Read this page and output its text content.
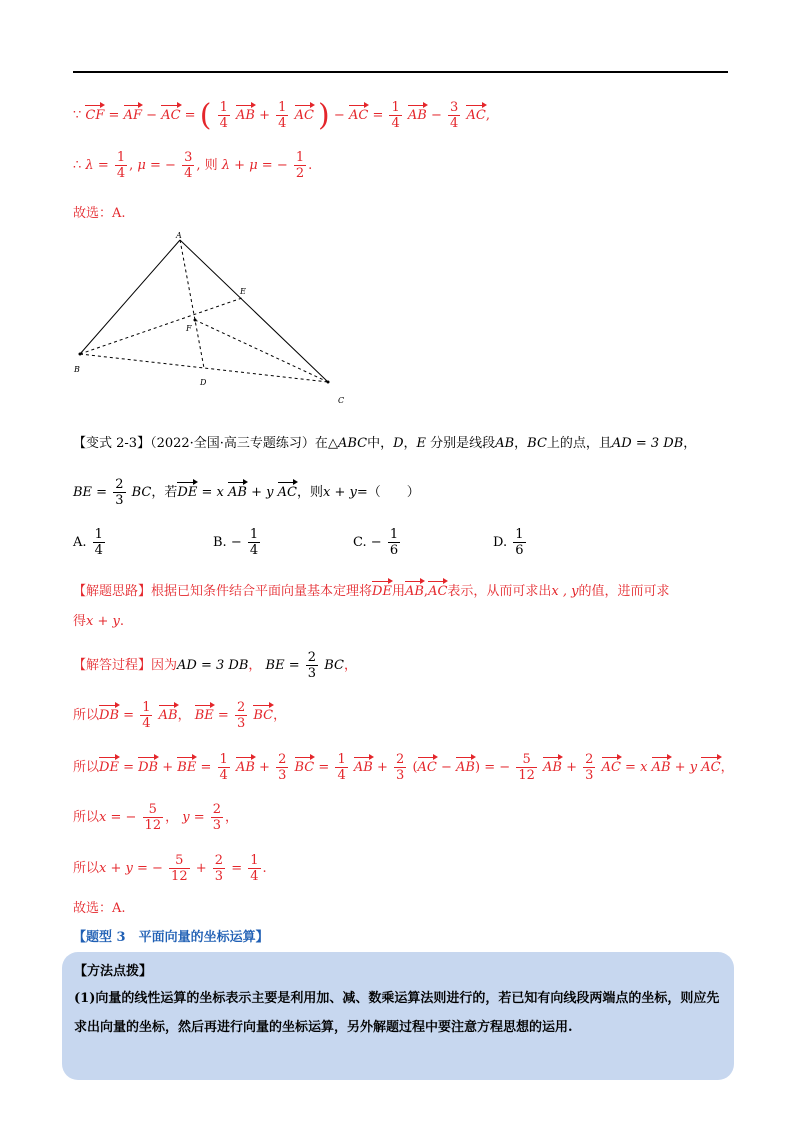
∵ CF = AF − AC = ( $\frac{1}{4}$ AB + $\frac{1}{4}$ AC ) − AC = $\frac{1}{4}$ AB − $\frac{3}{4}$ AC,
∴ $\lambda = \frac{1}{4}$ , μ = − $\frac{3}{4}$ , 则 λ + μ = − $\frac{1}{2}$ .
故选：A.
A
B
C
D
E
F
【变式 2-3】（2022·全国·高三专题练习）在△ABC中，D，E 分别是线段AB，BC上的点，且AD = 3 DB，
BE = $\frac{2}{3}$ BC，若DE = x AB + y AC，则x + y=（　　）
A. $\frac{1}{4}$	B. − $\frac{1}{4}$	C. − $\frac{1}{6}$	D. $\frac{1}{6}$
【解题思路】根据已知条件结合平面向量基本定理将DE用AB,AC表示，从而可求出x , y的值，进而可求
得x + y.
【解答过程】因为AD = 3 DB， BE = $\frac{2}{3}$ BC，
所以DB = $\frac{1}{4}$ AB， BE = $\frac{2}{3}$ BC，
所以DE = DB + BE = $\frac{1}{4}$ AB + $\frac{2}{3}$ BC = $\frac{1}{4}$ AB + $\frac{2}{3} (AC - AB)$ = − $\frac{5}{12}$ AB + $\frac{2}{3}$ AC = x AB + y AC，
所以x = − $\frac{5}{12}$ ， $y = \frac{2}{3}$ ，
所以x + y = − $\frac{5}{12} + \frac{2}{3} = \frac{1}{4}$ .
故选：A.
【题型 3　平面向量的坐标运算】
【方法点拨】
(1)向量的线性运算的坐标表示主要是利用加、减、数乘运算法则进行的，若已知有向线段两端点的坐标，则应先求出向量的坐标，然后再进行向量的坐标运算，另外解题过程中要注意方程思想的运用.
